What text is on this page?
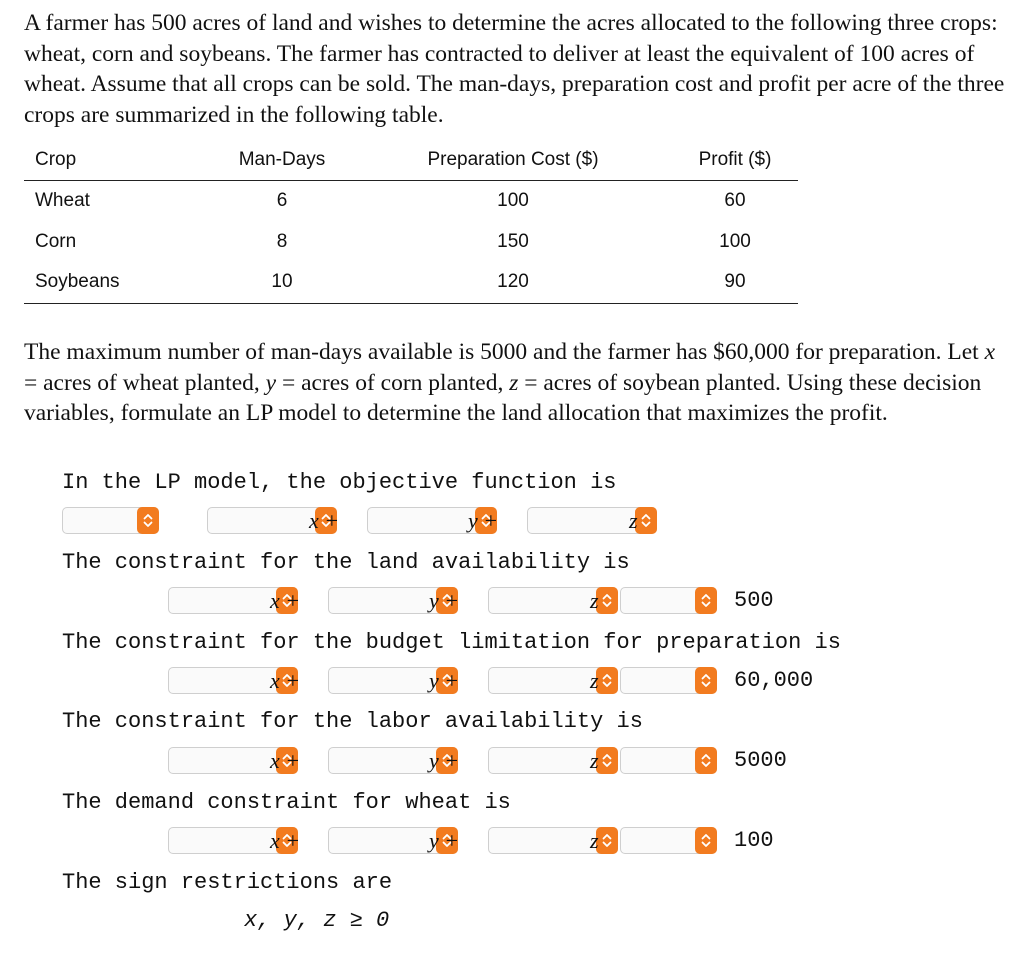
A farmer has 500 acres of land and wishes to determine the acres allocated to the following three crops: wheat, corn and soybeans. The farmer has contracted to deliver at least the equivalent of 100 acres of wheat. Assume that all crops can be sold. The man-days, preparation cost and profit per acre of the three crops are summarized in the following table.

Crop	Man-Days	Preparation Cost ($)	Profit ($)
Wheat	6	100	60
Corn	8	150	100
Soybeans	10	120	90

The maximum number of man-days available is 5000 and the farmer has $60,000 for preparation. Let x = acres of wheat planted, y = acres of corn planted, z = acres of soybean planted. Using these decision variables, formulate an LP model to determine the land allocation that maximizes the profit.

In the LP model, the objective function is
x +	y +	z
The constraint for the land availability is
x +	y +	z	500
The constraint for the budget limitation for preparation is
x +	y +	z	60,000
The constraint for the labor availability is
x +	y +	z	5000
The demand constraint for wheat is
x +	y +	z	100
The sign restrictions are
x, y, z ≥ 0
